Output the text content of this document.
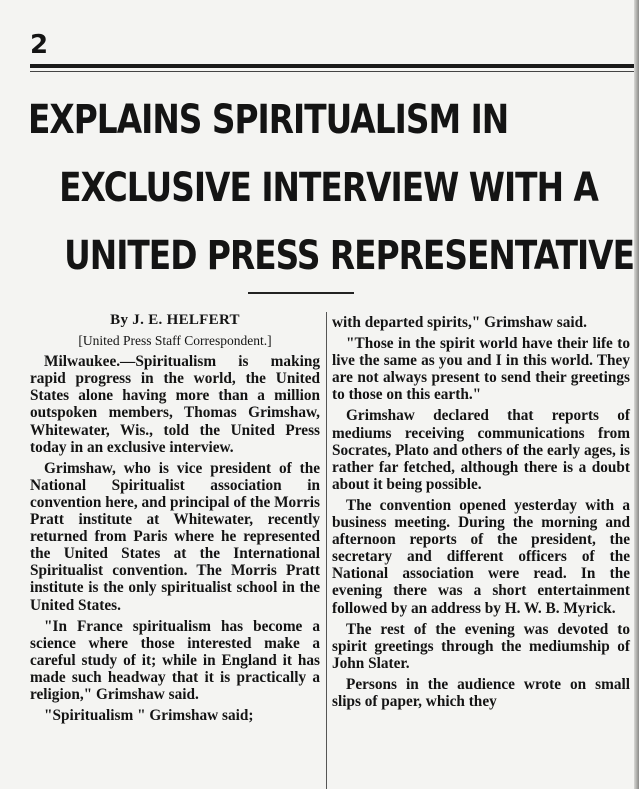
2
EXPLAINS SPIRITUALISM IN
EXCLUSIVE INTERVIEW WITH A
UNITED PRESS REPRESENTATIVE
By J. E. HELFERT
[United Press Staff Correspondent.]

Milwaukee.—Spiritualism is making rapid progress in the world, the United States alone having more than a million outspoken members, Thomas Grimshaw, Whitewater, Wis., told the United Press today in an exclusive interview.

Grimshaw, who is vice president of the National Spiritualist association in convention here, and principal of the Morris Pratt institute at Whitewater, recently returned from Paris where he represented the United States at the International Spiritualist convention. The Morris Pratt institute is the only spiritualist school in the United States.

"In France spiritualism has become a science where those interested make a careful study of it; while in England it has made such headway that it is practically a religion," Grimshaw said.

"Spiritualism " Grimshaw said;

with departed spirits," Grimshaw said.

"Those in the spirit world have their life to live the same as you and I in this world. They are not always present to send their greetings to those on this earth."

Grimshaw declared that reports of mediums receiving communications from Socrates, Plato and others of the early ages, is rather far fetched, although there is a doubt about it being possible.

The convention opened yesterday with a business meeting. During the morning and afternoon reports of the president, the secretary and different officers of the National association were read. In the evening there was a short entertainment followed by an address by H. W. B. Myrick.

The rest of the evening was devoted to spirit greetings through the mediumship of John Slater.

Persons in the audience wrote on small slips of paper, which they
